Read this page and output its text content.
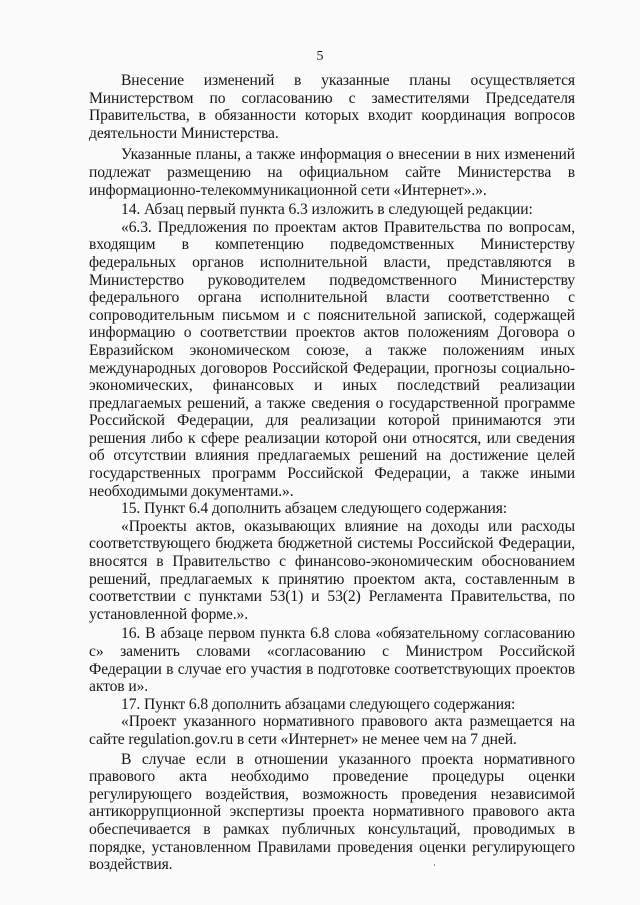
5

Внесение изменений в указанные планы осуществляется Министерством по согласованию с заместителями Председателя Правительства, в обязанности которых входит координация вопросов деятельности Министерства.

Указанные планы, а также информация о внесении в них изменений подлежат размещению на официальном сайте Министерства в информационно-телекоммуникационной сети «Интернет».».

14. Абзац первый пункта 6.3 изложить в следующей редакции:

«6.3. Предложения по проектам актов Правительства по вопросам, входящим в компетенцию подведомственных Министерству федеральных органов исполнительной власти, представляются в Министерство руководителем подведомственного Министерству федерального органа исполнительной власти соответственно с сопроводительным письмом и с пояснительной запиской, содержащей информацию о соответствии проектов актов положениям Договора о Евразийском экономическом союзе, а также положениям иных международных договоров Российской Федерации, прогнозы социально-экономических, финансовых и иных последствий реализации предлагаемых решений, а также сведения о государственной программе Российской Федерации, для реализации которой принимаются эти решения либо к сфере реализации которой они относятся, или сведения об отсутствии влияния предлагаемых решений на достижение целей государственных программ Российской Федерации, а также иными необходимыми документами.».

15. Пункт 6.4 дополнить абзацем следующего содержания:

«Проекты актов, оказывающих влияние на доходы или расходы соответствующего бюджета бюджетной системы Российской Федерации, вносятся в Правительство с финансово-экономическим обоснованием решений, предлагаемых к принятию проектом акта, составленным в соответствии с пунктами 53(1) и 53(2) Регламента Правительства, по установленной форме.».

16. В абзаце первом пункта 6.8 слова «обязательному согласованию с» заменить словами «согласованию с Министром Российской Федерации в случае его участия в подготовке соответствующих проектов актов и».

17. Пункт 6.8 дополнить абзацами следующего содержания:

«Проект указанного нормативного правового акта размещается на сайте regulation.gov.ru в сети «Интернет» не менее чем на 7 дней.

В случае если в отношении указанного проекта нормативного правового акта необходимо проведение процедуры оценки регулирующего воздействия, возможность проведения независимой антикоррупционной экспертизы проекта нормативного правового акта обеспечивается в рамках публичных консультаций, проводимых в порядке, установленном Правилами проведения оценки регулирующего воздействия.
